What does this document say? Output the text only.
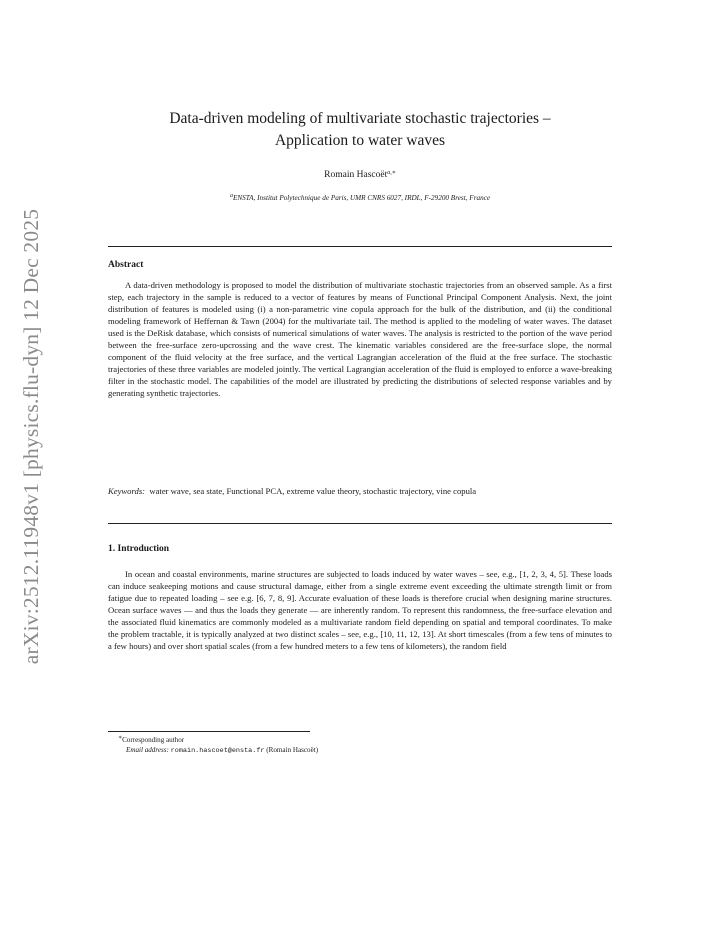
arXiv:2512.11948v1 [physics.flu-dyn] 12 Dec 2025
Data-driven modeling of multivariate stochastic trajectories –
Application to water waves
Romain Hascoët$^{a,∗}$
$^a$ENSTA, Institut Polytechnique de Paris, UMR CNRS 6027, IRDL, F-29200 Brest, France
Abstract

A data-driven methodology is proposed to model the distribution of multivariate stochastic trajectories from an observed sample. As a first step, each trajectory in the sample is reduced to a vector of features by means of Functional Principal Component Analysis. Next, the joint distribution of features is modeled using (i) a non-parametric vine copula approach for the bulk of the distribution, and (ii) the conditional modeling framework of Heffernan & Tawn (2004) for the multivariate tail. The method is applied to the modeling of water waves. The dataset used is the DeRisk database, which consists of numerical simulations of water waves. The analysis is restricted to the portion of the wave period between the free-surface zero-upcrossing and the wave crest. The kinematic variables considered are the free-surface slope, the normal component of the fluid velocity at the free surface, and the vertical Lagrangian acceleration of the fluid at the free surface. The stochastic trajectories of these three variables are modeled jointly. The vertical Lagrangian acceleration of the fluid is employed to enforce a wave-breaking filter in the stochastic model. The capabilities of the model are illustrated by predicting the distributions of selected response variables and by generating synthetic trajectories.

Keywords: water wave, sea state, Functional PCA, extreme value theory, stochastic trajectory, vine copula
1. Introduction

In ocean and coastal environments, marine structures are subjected to loads induced by water waves – see, e.g., [1, 2, 3, 4, 5]. These loads can induce seakeeping motions and cause structural damage, either from a single extreme event exceeding the ultimate strength limit or from fatigue due to repeated loading – see e.g. [6, 7, 8, 9]. Accurate evaluation of these loads is therefore crucial when designing marine structures. Ocean surface waves — and thus the loads they generate — are inherently random. To represent this randomness, the free-surface elevation and the associated fluid kinematics are commonly modeled as a multivariate random field depending on spatial and temporal coordinates. To make the problem tractable, it is typically analyzed at two distinct scales – see, e.g., [10, 11, 12, 13]. At short timescales (from a few tens of minutes to a few hours) and over short spatial scales (from a few hundred meters to a few tens of kilometers), the random field

∗Corresponding author
Email address: romain.hascoet@ensta.fr (Romain Hascoët)
